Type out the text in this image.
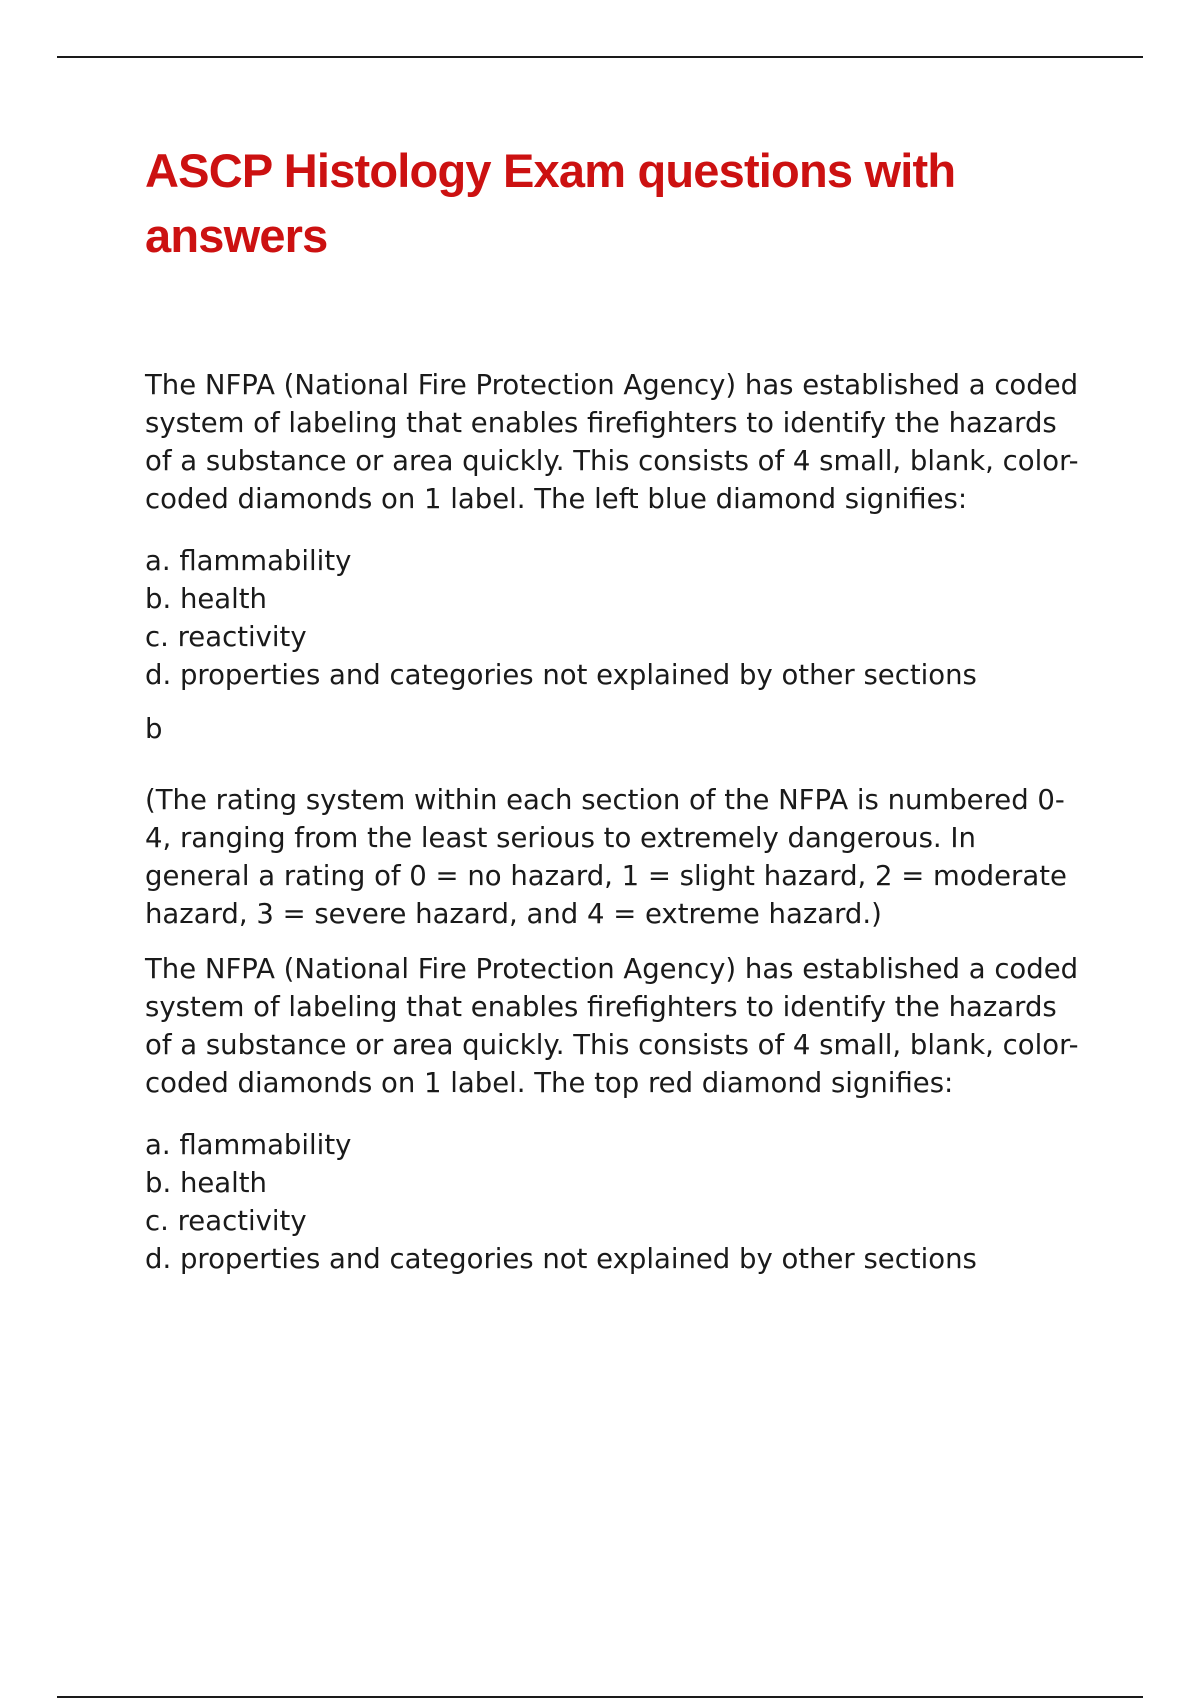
ASCP Histology Exam questions with answers

The NFPA (National Fire Protection Agency) has established a coded system of labeling that enables firefighters to identify the hazards of a substance or area quickly. This consists of 4 small, blank, color-coded diamonds on 1 label. The left blue diamond signifies:

a. flammability
b. health
c. reactivity
d. properties and categories not explained by other sections

b

(The rating system within each section of the NFPA is numbered 0-4, ranging from the least serious to extremely dangerous. In general a rating of 0 = no hazard, 1 = slight hazard, 2 = moderate hazard, 3 = severe hazard, and 4 = extreme hazard.)

The NFPA (National Fire Protection Agency) has established a coded system of labeling that enables firefighters to identify the hazards of a substance or area quickly. This consists of 4 small, blank, color-coded diamonds on 1 label. The top red diamond signifies:

a. flammability
b. health
c. reactivity
d. properties and categories not explained by other sections
